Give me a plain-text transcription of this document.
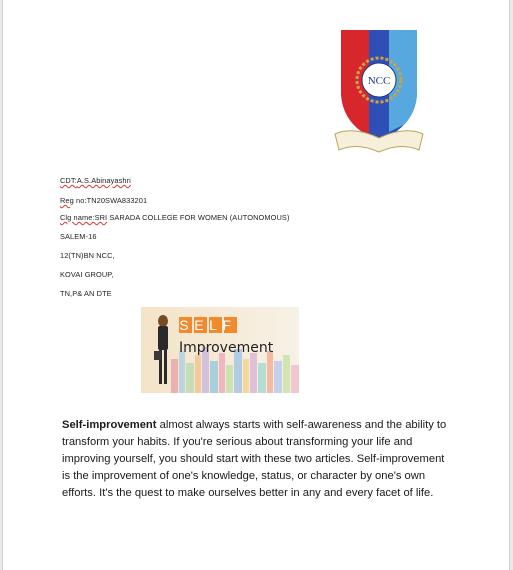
NCC
CDT:A.S.Abinayashri
Reg no:TN20SWA833201
Clg name:SRI SARADA COLLEGE FOR WOMEN (AUTONOMOUS)
SALEM-16
12(TN)BN NCC,
KOVAI GROUP,
TN,P& AN DTE
SELF
Improvement
Self-improvement almost always starts with self-awareness and the ability to transform your habits. If you're serious about transforming your life and improving yourself, you should start with these two articles. Self-improvement is the improvement of one's knowledge, status, or character by one's own efforts. It's the quest to make ourselves better in any and every facet of life.
